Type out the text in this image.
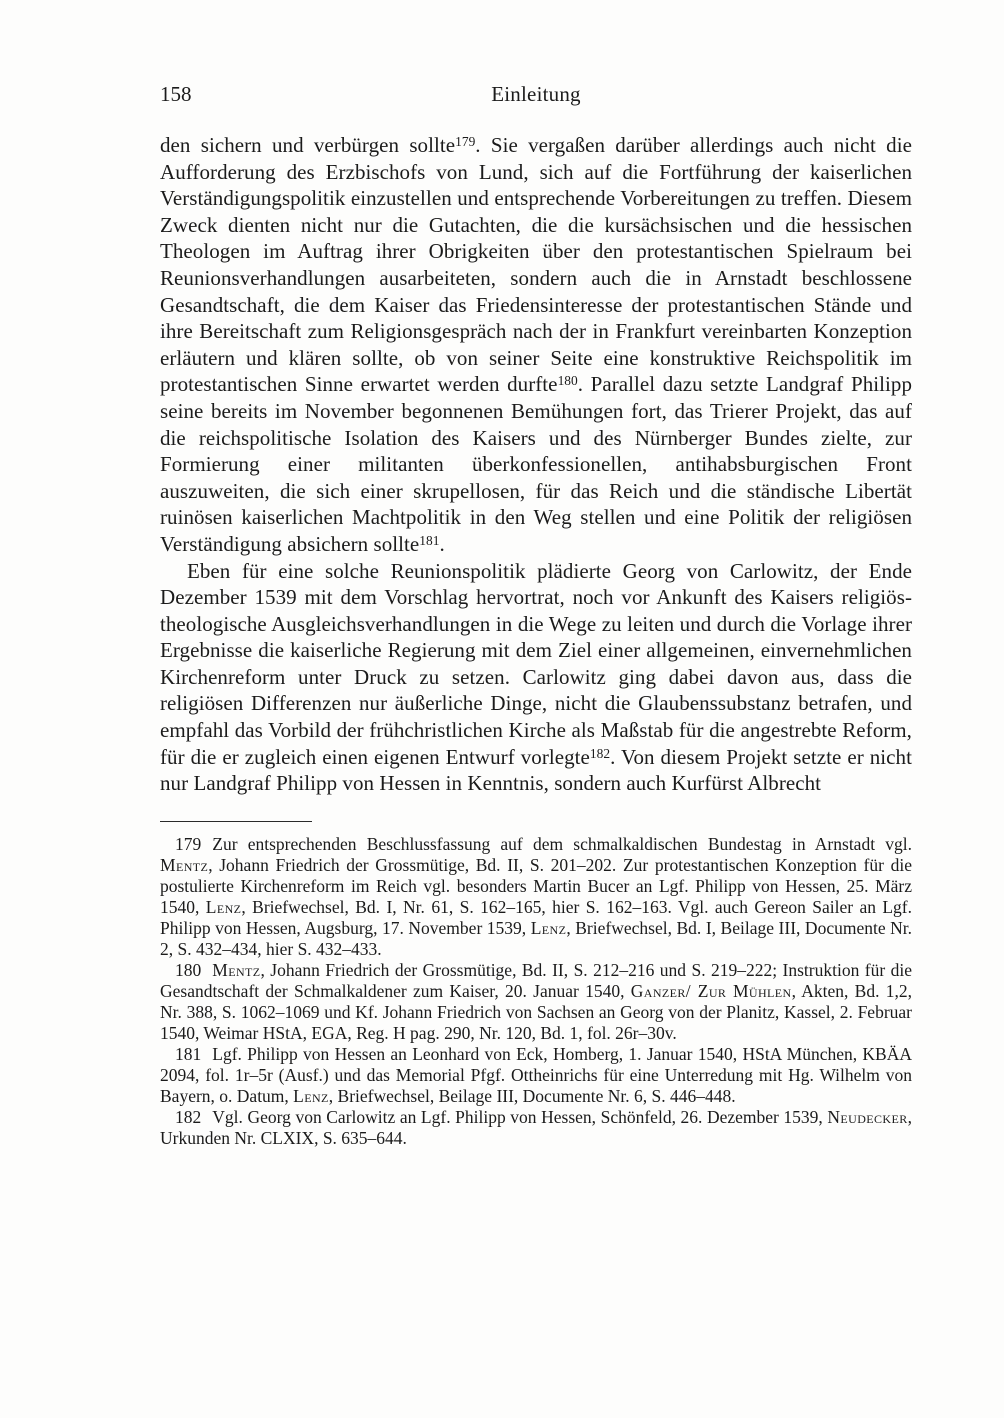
158	Einleitung

den sichern und verbürgen sollte$^{179}$. Sie vergaßen darüber allerdings auch nicht die Aufforderung des Erzbischofs von Lund, sich auf die Fortführung der kaiserlichen Verständigungspolitik einzustellen und entsprechende Vorbereitungen zu treffen. Diesem Zweck dienten nicht nur die Gutachten, die die kursächsischen und die hessischen Theologen im Auftrag ihrer Obrigkeiten über den protestantischen Spielraum bei Reunionsverhandlungen ausarbeiteten, sondern auch die in Arnstadt beschlossene Gesandtschaft, die dem Kaiser das Friedensinteresse der protestantischen Stände und ihre Bereitschaft zum Religionsgespräch nach der in Frankfurt vereinbarten Konzeption erläutern und klären sollte, ob von seiner Seite eine konstruktive Reichspolitik im protestantischen Sinne erwartet werden durfte$^{180}$. Parallel dazu setzte Landgraf Philipp seine bereits im November begonnenen Bemühungen fort, das Trierer Projekt, das auf die reichspolitische Isolation des Kaisers und des Nürnberger Bundes zielte, zur Formierung einer militanten überkonfessionellen, antihabsburgischen Front auszuweiten, die sich einer skrupellosen, für das Reich und die ständische Libertät ruinösen kaiserlichen Machtpolitik in den Weg stellen und eine Politik der religiösen Verständigung absichern sollte$^{181}$.

Eben für eine solche Reunionspolitik plädierte Georg von Carlowitz, der Ende Dezember 1539 mit dem Vorschlag hervortrat, noch vor Ankunft des Kaisers religiös-theologische Ausgleichsverhandlungen in die Wege zu leiten und durch die Vorlage ihrer Ergebnisse die kaiserliche Regierung mit dem Ziel einer allgemeinen, einvernehmlichen Kirchenreform unter Druck zu setzen. Carlowitz ging dabei davon aus, dass die religiösen Differenzen nur äußerliche Dinge, nicht die Glaubenssubstanz betrafen, und empfahl das Vorbild der frühchristlichen Kirche als Maßstab für die angestrebte Reform, für die er zugleich einen eigenen Entwurf vorlegte$^{182}$. Von diesem Projekt setzte er nicht nur Landgraf Philipp von Hessen in Kenntnis, sondern auch Kurfürst Albrecht

179 Zur entsprechenden Beschlussfassung auf dem schmalkaldischen Bundestag in Arnstadt vgl. Mentz, Johann Friedrich der Grossmütige, Bd. II, S. 201–202. Zur protestantischen Konzeption für die postulierte Kirchenreform im Reich vgl. besonders Martin Bucer an Lgf. Philipp von Hessen, 25. März 1540, Lenz, Briefwechsel, Bd. I, Nr. 61, S. 162–165, hier S. 162–163. Vgl. auch Gereon Sailer an Lgf. Philipp von Hessen, Augsburg, 17. November 1539, Lenz, Briefwechsel, Bd. I, Beilage III, Documente Nr. 2, S. 432–434, hier S. 432–433.

180 Mentz, Johann Friedrich der Grossmütige, Bd. II, S. 212–216 und S. 219–222; Instruktion für die Gesandtschaft der Schmalkaldener zum Kaiser, 20. Januar 1540, Ganzer/ Zur Mühlen, Akten, Bd. 1,2, Nr. 388, S. 1062–1069 und Kf. Johann Friedrich von Sachsen an Georg von der Planitz, Kassel, 2. Februar 1540, Weimar HStA, EGA, Reg. H pag. 290, Nr. 120, Bd. 1, fol. 26r–30v.

181 Lgf. Philipp von Hessen an Leonhard von Eck, Homberg, 1. Januar 1540, HStA München, KBÄA 2094, fol. 1r–5r (Ausf.) und das Memorial Pfgf. Ottheinrichs für eine Unterredung mit Hg. Wilhelm von Bayern, o. Datum, Lenz, Briefwechsel, Beilage III, Documente Nr. 6, S. 446–448.

182 Vgl. Georg von Carlowitz an Lgf. Philipp von Hessen, Schönfeld, 26. Dezember 1539, Neudecker, Urkunden Nr. CLXIX, S. 635–644.
